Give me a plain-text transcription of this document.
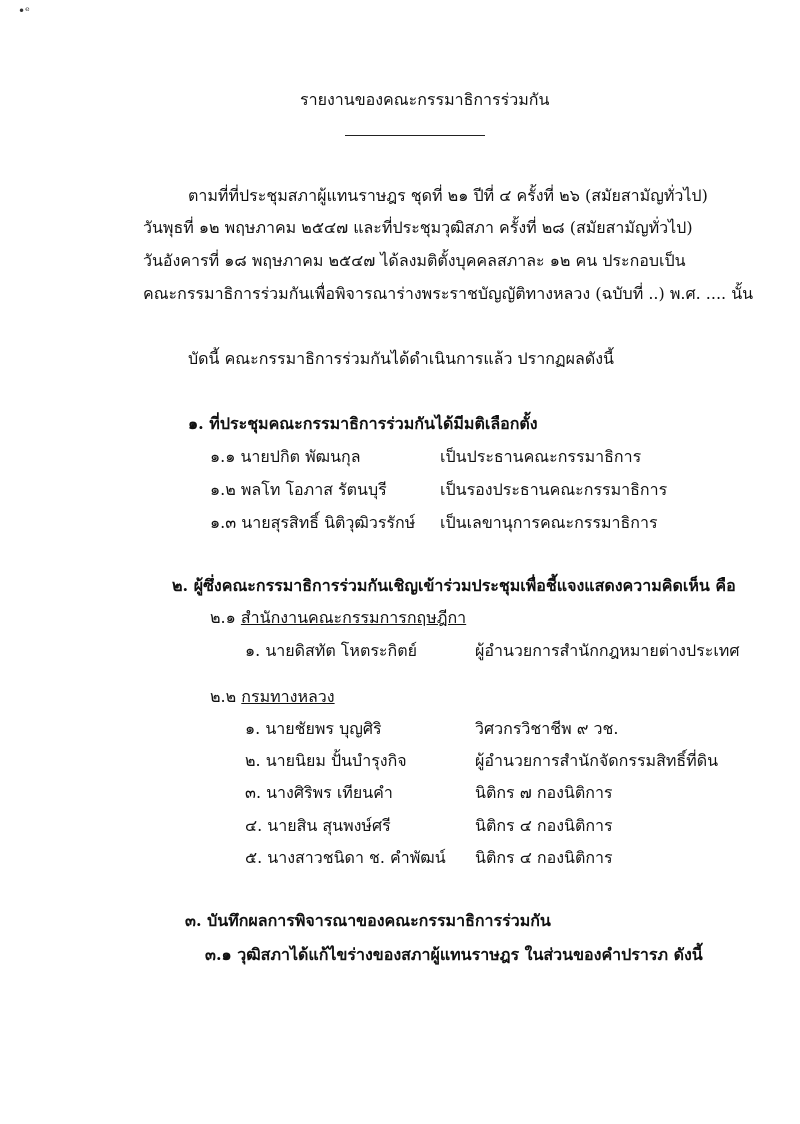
•ᵉ
รายงานของคณะกรรมาธิการร่วมกัน
ตามที่ที่ประชุมสภาผู้แทนราษฎร ชุดที่ ๒๑ ปีที่ ๔ ครั้งที่ ๒๖ (สมัยสามัญทั่วไป)
วันพุธที่ ๑๒ พฤษภาคม ๒๕๔๗ และที่ประชุมวุฒิสภา ครั้งที่ ๒๘ (สมัยสามัญทั่วไป)
วันอังคารที่ ๑๘ พฤษภาคม ๒๕๔๗ ได้ลงมติตั้งบุคคลสภาละ ๑๒ คน ประกอบเป็น
คณะกรรมาธิการร่วมกันเพื่อพิจารณาร่างพระราชบัญญัติทางหลวง (ฉบับที่ ..) พ.ศ. .... นั้น
บัดนี้ คณะกรรมาธิการร่วมกันได้ดำเนินการแล้ว ปรากฏผลดังนี้
๑. ที่ประชุมคณะกรรมาธิการร่วมกันได้มีมติเลือกตั้ง
๑.๑ นายปกิต พัฒนกุล	เป็นประธานคณะกรรมาธิการ
๑.๒ พลโท โอภาส รัตนบุรี	เป็นรองประธานคณะกรรมาธิการ
๑.๓ นายสุรสิทธิ์ นิติวุฒิวรรักษ์ เป็นเลขานุการคณะกรรมาธิการ
๒. ผู้ซึ่งคณะกรรมาธิการร่วมกันเชิญเข้าร่วมประชุมเพื่อชี้แจงแสดงความคิดเห็น คือ
๒.๑ สำนักงานคณะกรรมการกฤษฎีกา
๑. นายดิสทัต โหตระกิตย์	ผู้อำนวยการสำนักกฎหมายต่างประเทศ
๒.๒ กรมทางหลวง
๑. นายชัยพร บุญศิริ	วิศวกรวิชาชีพ ๙ วช.
๒. นายนิยม ปั้นบำรุงกิจ	ผู้อำนวยการสำนักจัดกรรมสิทธิ์ที่ดิน
๓. นางศิริพร เทียนคำ	นิติกร ๗ กองนิติการ
๔. นายสิน สุนพงษ์ศรี	นิติกร ๔ กองนิติการ
๕. นางสาวชนิดา ช. คำพัฒน์ นิติกร ๔ กองนิติการ
๓. บันทึกผลการพิจารณาของคณะกรรมาธิการร่วมกัน
๓.๑ วุฒิสภาได้แก้ไขร่างของสภาผู้แทนราษฎร ในส่วนของคำปรารภ ดังนี้
